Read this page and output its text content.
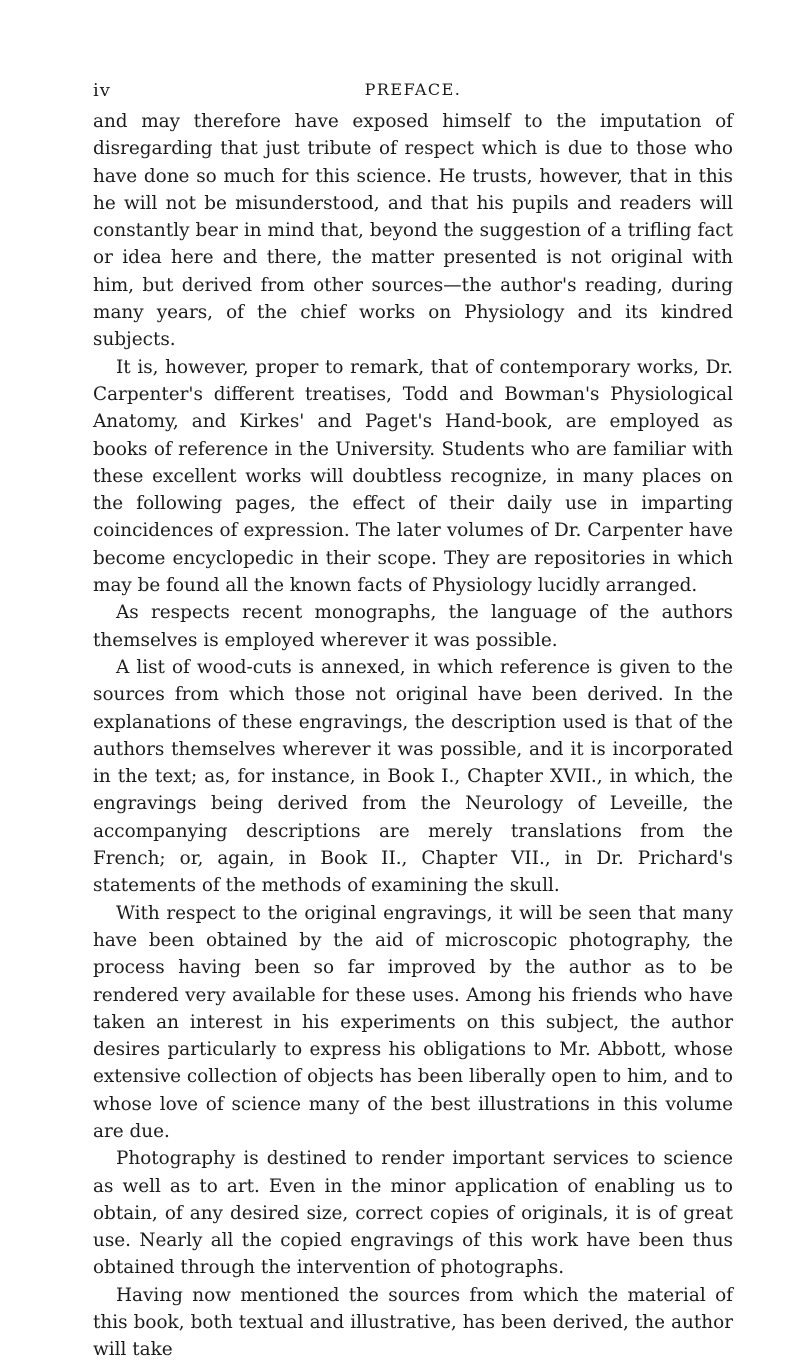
iv	PREFACE.

and may therefore have exposed himself to the imputation of disregarding that just tribute of respect which is due to those who have done so much for this science. He trusts, however, that in this he will not be misunderstood, and that his pupils and readers will constantly bear in mind that, beyond the suggestion of a trifling fact or idea here and there, the matter presented is not original with him, but derived from other sources—the author's reading, during many years, of the chief works on Physiology and its kindred subjects.

It is, however, proper to remark, that of contemporary works, Dr. Carpenter's different treatises, Todd and Bowman's Physiological Anatomy, and Kirkes' and Paget's Hand-book, are employed as books of reference in the University. Students who are familiar with these excellent works will doubtless recognize, in many places on the following pages, the effect of their daily use in imparting coincidences of expression. The later volumes of Dr. Carpenter have become encyclopedic in their scope. They are repositories in which may be found all the known facts of Physiology lucidly arranged.

As respects recent monographs, the language of the authors themselves is employed wherever it was possible.

A list of wood-cuts is annexed, in which reference is given to the sources from which those not original have been derived. In the explanations of these engravings, the description used is that of the authors themselves wherever it was possible, and it is incorporated in the text; as, for instance, in Book I., Chapter XVII., in which, the engravings being derived from the Neurology of Leveille, the accompanying descriptions are merely translations from the French; or, again, in Book II., Chapter VII., in Dr. Prichard's statements of the methods of examining the skull.

With respect to the original engravings, it will be seen that many have been obtained by the aid of microscopic photography, the process having been so far improved by the author as to be rendered very available for these uses. Among his friends who have taken an interest in his experiments on this subject, the author desires particularly to express his obligations to Mr. Abbott, whose extensive collection of objects has been liberally open to him, and to whose love of science many of the best illustrations in this volume are due.

Photography is destined to render important services to science as well as to art. Even in the minor application of enabling us to obtain, of any desired size, correct copies of originals, it is of great use. Nearly all the copied engravings of this work have been thus obtained through the intervention of photographs.

Having now mentioned the sources from which the material of this book, both textual and illustrative, has been derived, the author will take
